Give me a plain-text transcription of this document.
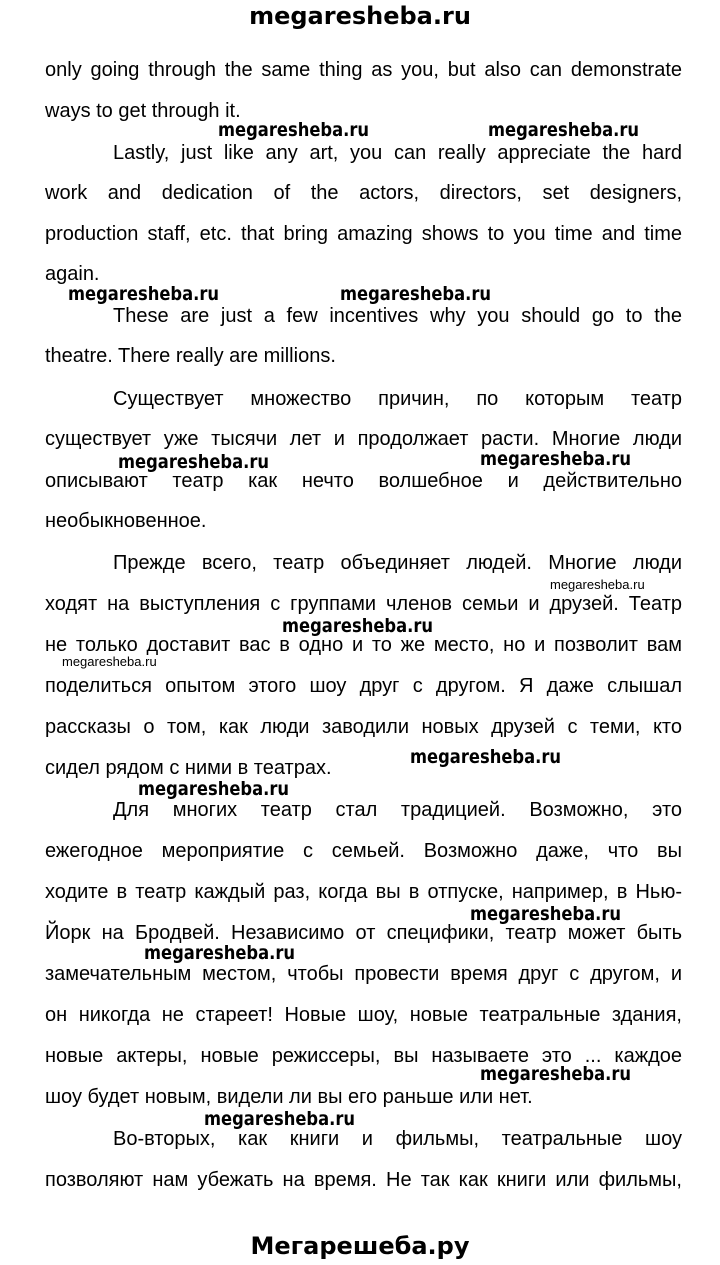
megaresheba.ru
only going through the same thing as you, but also can demonstrate
ways to get through it.
Lastly, just like any art, you can really appreciate the hard
work and dedication of the actors, directors, set designers,
production staff, etc. that bring amazing shows to you time and time
again.
These are just a few incentives why you should go to the
theatre. There really are millions.
Существует множество причин, по которым театр
существует уже тысячи лет и продолжает расти. Многие люди
описывают театр как нечто волшебное и действительно
необыкновенное.
Прежде всего, театр объединяет людей. Многие люди
ходят на выступления с группами членов семьи и друзей. Театр
не только доставит вас в одно и то же место, но и позволит вам
поделиться опытом этого шоу друг с другом. Я даже слышал
рассказы о том, как люди заводили новых друзей с теми, кто
сидел рядом с ними в театрах.
Для многих театр стал традицией. Возможно, это
ежегодное мероприятие с семьей. Возможно даже, что вы
ходите в театр каждый раз, когда вы в отпуске, например, в Нью-
Йорк на Бродвей. Независимо от специфики, театр может быть
замечательным местом, чтобы провести время друг с другом, и
он никогда не стареет! Новые шоу, новые театральные здания,
новые актеры, новые режиссеры, вы называете это ... каждое
шоу будет новым, видели ли вы его раньше или нет.
Во-вторых, как книги и фильмы, театральные шоу
позволяют нам убежать на время. Не так как книги или фильмы,
megaresheba.ru	megaresheba.ru
megaresheba.ru	megaresheba.ru
megaresheba.ru	megaresheba.ru
megaresheba.ru
megaresheba.ru
megaresheba.ru
megaresheba.ru
megaresheba.ru
megaresheba.ru
megaresheba.ru
megaresheba.ru
megaresheba.ru
Мегарешеба.ру
